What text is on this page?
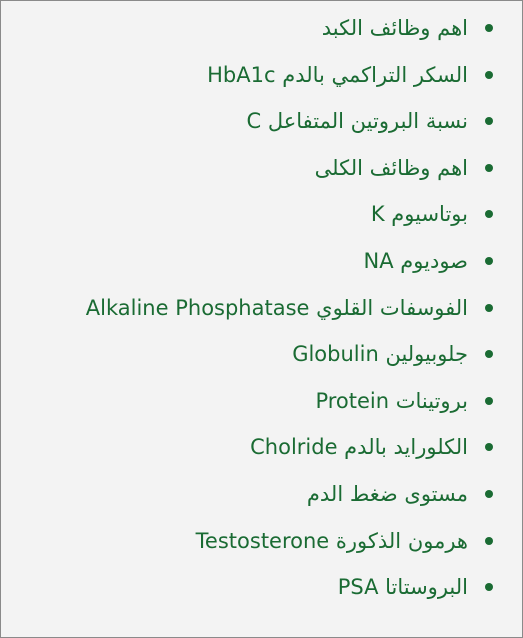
اهم وظائف الكبد
السكر التراكمي بالدم HbA1c
نسبة البروتين المتفاعل C
اهم وظائف الكلى
بوتاسيوم K
صوديوم NA
الفوسفات القلوي Alkaline Phosphatase
جلوبيولين Globulin
بروتينات Protein
الكلورايد بالدم Cholride
مستوى ضغط الدم
هرمون الذكورة Testosterone
البروستاتا PSA
